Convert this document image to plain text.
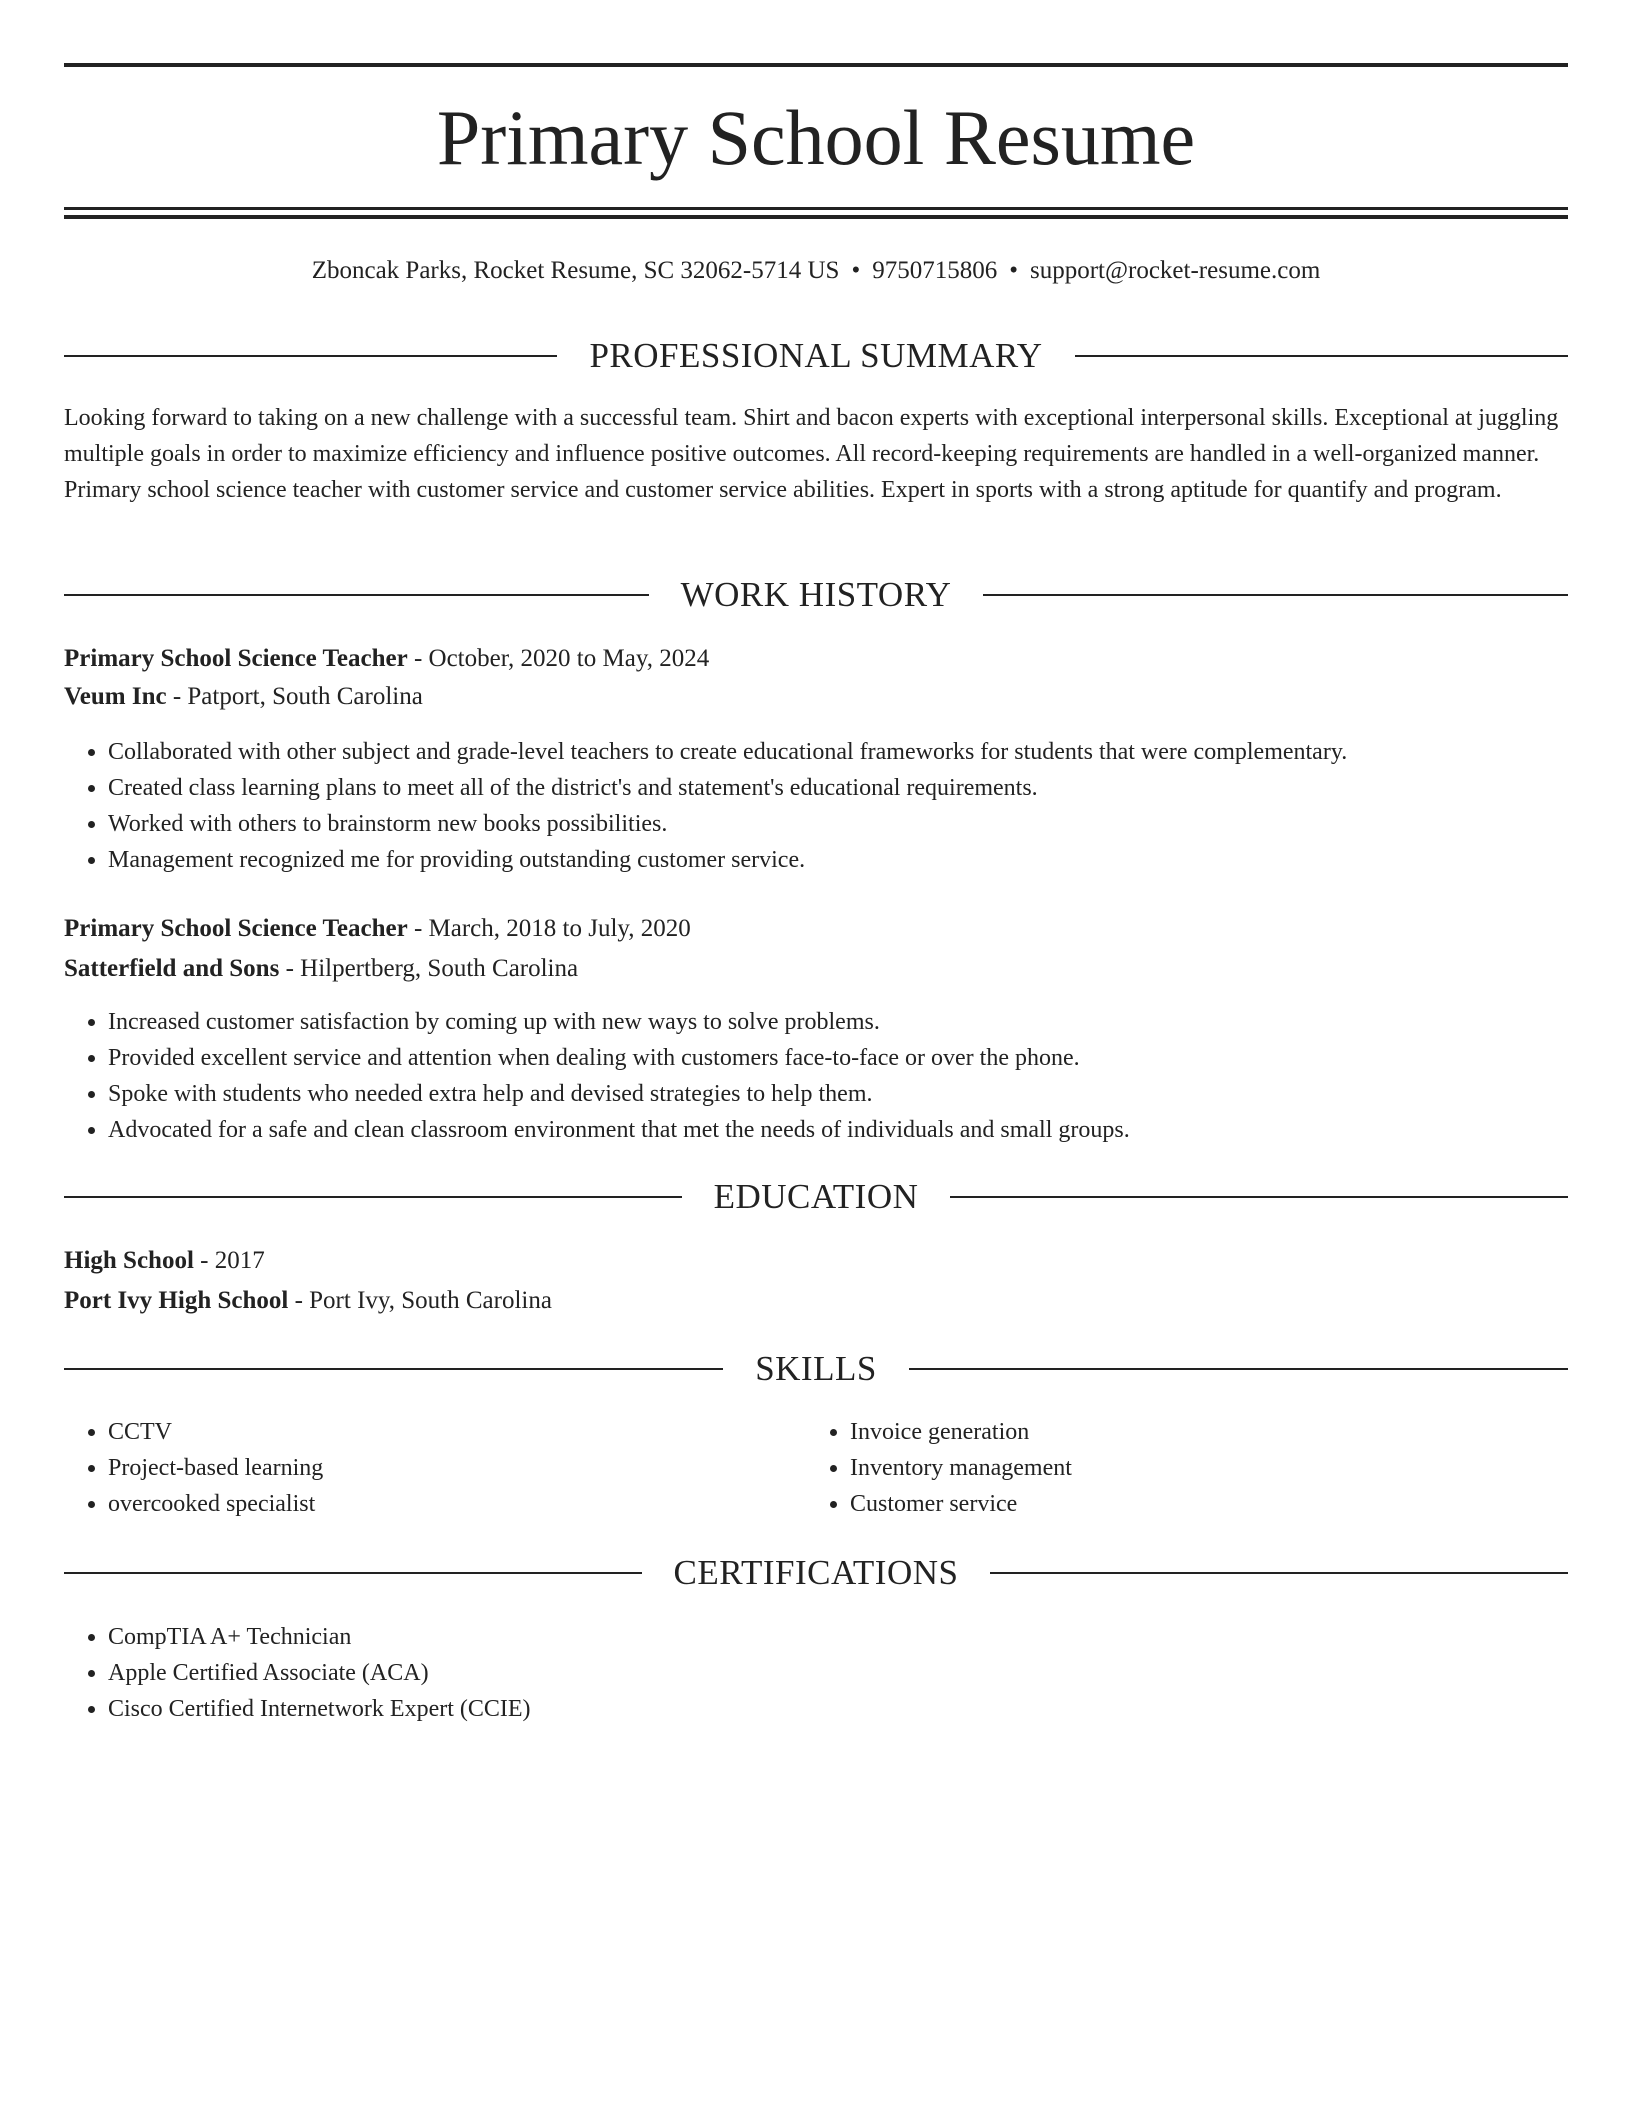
Primary School Resume
Zboncak Parks, Rocket Resume, SC 32062-5714 US • 9750715806 • support@rocket-resume.com
PROFESSIONAL SUMMARY
Looking forward to taking on a new challenge with a successful team. Shirt and bacon experts with exceptional interpersonal skills. Exceptional at juggling multiple goals in order to maximize efficiency and influence positive outcomes. All record-keeping requirements are handled in a well-organized manner. Primary school science teacher with customer service and customer service abilities. Expert in sports with a strong aptitude for quantify and program.
WORK HISTORY
Primary School Science Teacher - October, 2020 to May, 2024
Veum Inc - Patport, South Carolina
• Collaborated with other subject and grade-level teachers to create educational frameworks for students that were complementary.
• Created class learning plans to meet all of the district's and statement's educational requirements.
• Worked with others to brainstorm new books possibilities.
• Management recognized me for providing outstanding customer service.
Primary School Science Teacher - March, 2018 to July, 2020
Satterfield and Sons - Hilpertberg, South Carolina
• Increased customer satisfaction by coming up with new ways to solve problems.
• Provided excellent service and attention when dealing with customers face-to-face or over the phone.
• Spoke with students who needed extra help and devised strategies to help them.
• Advocated for a safe and clean classroom environment that met the needs of individuals and small groups.
EDUCATION
High School - 2017
Port Ivy High School - Port Ivy, South Carolina
SKILLS
• CCTV
• Project-based learning
• overcooked specialist
• Invoice generation
• Inventory management
• Customer service
CERTIFICATIONS
• CompTIA A+ Technician
• Apple Certified Associate (ACA)
• Cisco Certified Internetwork Expert (CCIE)
